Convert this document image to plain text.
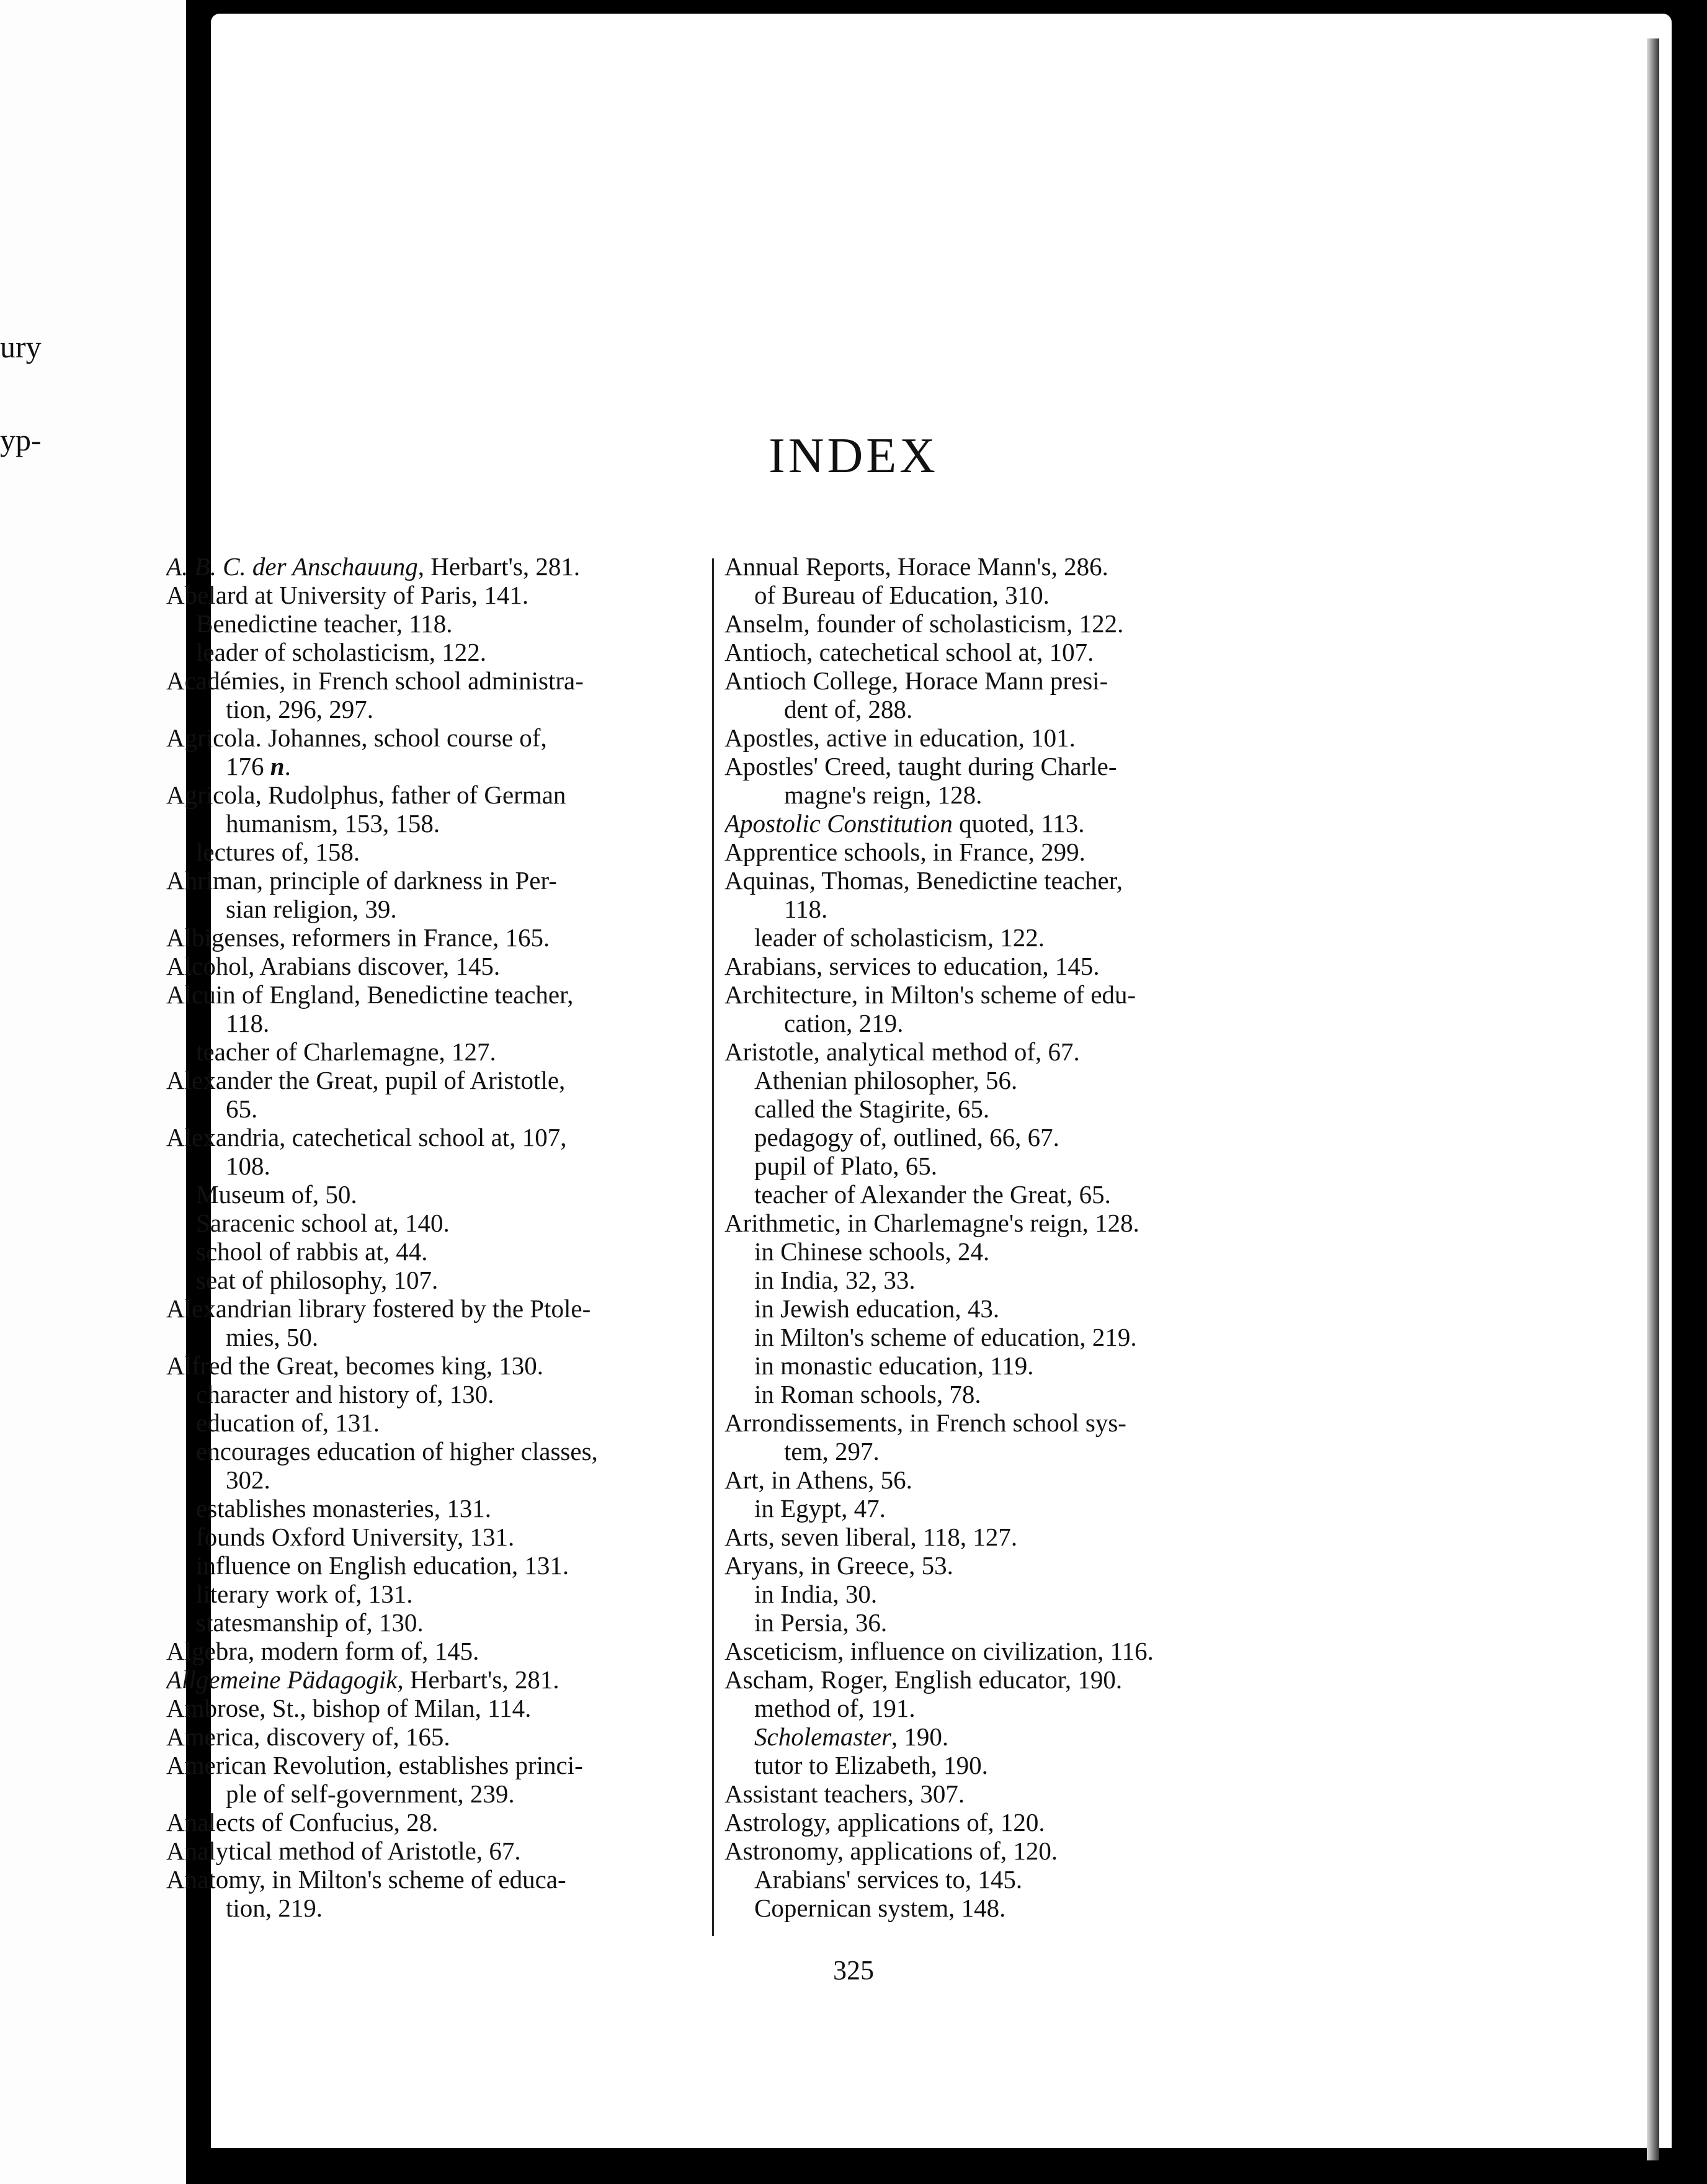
ury
yp-	INDEX

A. B. C. der Anschauung, Herbart's, 281.

Abelard at University of Paris, 141.

Benedictine teacher, 118.

leader of scholasticism, 122.

Académies, in French school administra-

tion, 296, 297.

Agricola. Johannes, school course of,

176 n.

Agricola, Rudolphus, father of German

humanism, 153, 158.

lectures of, 158.

Ahriman, principle of darkness in Per-

sian religion, 39.

Albigenses, reformers in France, 165.

Alcohol, Arabians discover, 145.

Alcuin of England, Benedictine teacher,

118.

teacher of Charlemagne, 127.

Alexander the Great, pupil of Aristotle,

65.

Alexandria, catechetical school at, 107,

108.

Museum of, 50.

Saracenic school at, 140.

school of rabbis at, 44.

seat of philosophy, 107.

Alexandrian library fostered by the Ptole-

mies, 50.

Alfred the Great, becomes king, 130.

character and history of, 130.

education of, 131.

encourages education of higher classes,

302.

establishes monasteries, 131.

founds Oxford University, 131.

influence on English education, 131.

literary work of, 131.

statesmanship of, 130.

Algebra, modern form of, 145.

Allgemeine Pädagogik, Herbart's, 281.

Ambrose, St., bishop of Milan, 114.

America, discovery of, 165.

American Revolution, establishes princi-

ple of self-government, 239.

Analects of Confucius, 28.

Analytical method of Aristotle, 67.

Anatomy, in Milton's scheme of educa-

tion, 219.

Annual Reports, Horace Mann's, 286.

of Bureau of Education, 310.

Anselm, founder of scholasticism, 122.

Antioch, catechetical school at, 107.

Antioch College, Horace Mann presi-

dent of, 288.

Apostles, active in education, 101.

Apostles' Creed, taught during Charle-

magne's reign, 128.

Apostolic Constitution quoted, 113.

Apprentice schools, in France, 299.

Aquinas, Thomas, Benedictine teacher,

118.

leader of scholasticism, 122.

Arabians, services to education, 145.

Architecture, in Milton's scheme of edu-

cation, 219.

Aristotle, analytical method of, 67.

Athenian philosopher, 56.

called the Stagirite, 65.

pedagogy of, outlined, 66, 67.

pupil of Plato, 65.

teacher of Alexander the Great, 65.

Arithmetic, in Charlemagne's reign, 128.

in Chinese schools, 24.

in India, 32, 33.

in Jewish education, 43.

in Milton's scheme of education, 219.

in monastic education, 119.

in Roman schools, 78.

Arrondissements, in French school sys-

tem, 297.

Art, in Athens, 56.

in Egypt, 47.

Arts, seven liberal, 118, 127.

Aryans, in Greece, 53.

in India, 30.

in Persia, 36.

Asceticism, influence on civilization, 116.

Ascham, Roger, English educator, 190.

method of, 191.

Scholemaster, 190.

tutor to Elizabeth, 190.

Assistant teachers, 307.

Astrology, applications of, 120.

Astronomy, applications of, 120.

Arabians' services to, 145.

Copernican system, 148.

325
